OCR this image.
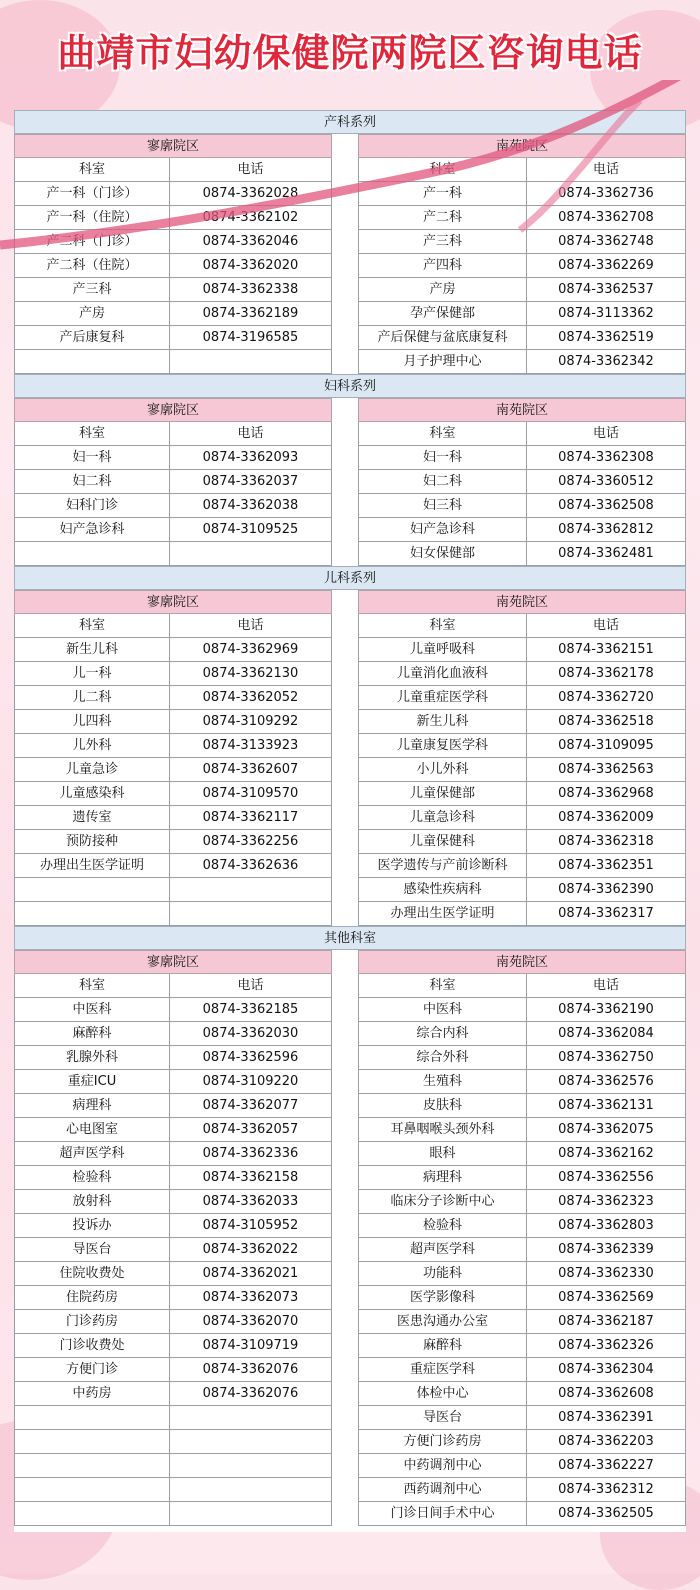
曲靖市妇幼保健院两院区咨询电话
产科系列
寥廓院区
科室	电话
产一科（门诊）	0874-3362028
产一科（住院）	0874-3362102
产二科（门诊）	0874-3362046
产二科（住院）	0874-3362020
产三科	0874-3362338
产房	0874-3362189
产后康复科	0874-3196585
南苑院区
科室	电话
产一科	0874-3362736
产二科	0874-3362708
产三科	0874-3362748
产四科	0874-3362269
产房	0874-3362537
孕产保健部	0874-3113362
产后保健与盆底康复科	0874-3362519
月子护理中心	0874-3362342
妇科系列
寥廓院区
科室	电话
妇一科	0874-3362093
妇二科	0874-3362037
妇科门诊	0874-3362038
妇产急诊科	0874-3109525
南苑院区
科室	电话
妇一科	0874-3362308
妇二科	0874-3360512
妇三科	0874-3362508
妇产急诊科	0874-3362812
妇女保健部	0874-3362481
儿科系列
寥廓院区
科室	电话
新生儿科	0874-3362969
儿一科	0874-3362130
儿二科	0874-3362052
儿四科	0874-3109292
儿外科	0874-3133923
儿童急诊	0874-3362607
儿童感染科	0874-3109570
遗传室	0874-3362117
预防接种	0874-3362256
办理出生医学证明	0874-3362636
南苑院区
科室	电话
儿童呼吸科	0874-3362151
儿童消化血液科	0874-3362178
儿童重症医学科	0874-3362720
新生儿科	0874-3362518
儿童康复医学科	0874-3109095
小儿外科	0874-3362563
儿童保健部	0874-3362968
儿童急诊科	0874-3362009
儿童保健科	0874-3362318
医学遗传与产前诊断科	0874-3362351
感染性疾病科	0874-3362390
办理出生医学证明	0874-3362317
其他科室
寥廓院区
科室	电话
中医科	0874-3362185
麻醉科	0874-3362030
乳腺外科	0874-3362596
重症ICU	0874-3109220
病理科	0874-3362077
心电图室	0874-3362057
超声医学科	0874-3362336
检验科	0874-3362158
放射科	0874-3362033
投诉办	0874-3105952
导医台	0874-3362022
住院收费处	0874-3362021
住院药房	0874-3362073
门诊药房	0874-3362070
门诊收费处	0874-3109719
方便门诊	0874-3362076
中药房	0874-3362076
南苑院区
科室	电话
中医科	0874-3362190
综合内科	0874-3362084
综合外科	0874-3362750
生殖科	0874-3362576
皮肤科	0874-3362131
耳鼻咽喉头颈外科	0874-3362075
眼科	0874-3362162
病理科	0874-3362556
临床分子诊断中心	0874-3362323
检验科	0874-3362803
超声医学科	0874-3362339
功能科	0874-3362330
医学影像科	0874-3362569
医患沟通办公室	0874-3362187
麻醉科	0874-3362326
重症医学科	0874-3362304
体检中心	0874-3362608
导医台	0874-3362391
方便门诊药房	0874-3362203
中药调剂中心	0874-3362227
西药调剂中心	0874-3362312
门诊日间手术中心	0874-3362505
